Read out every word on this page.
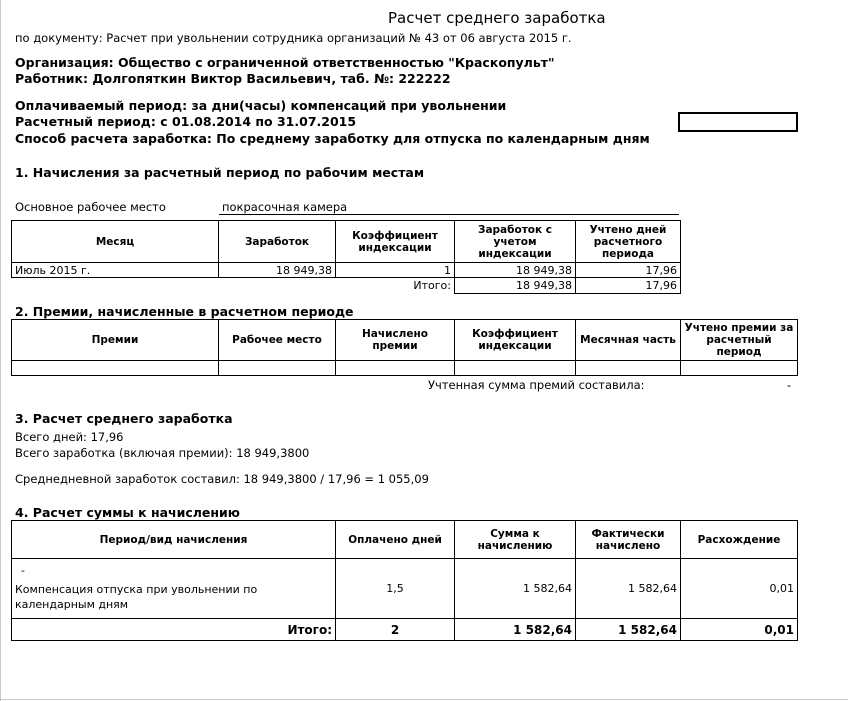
Расчет среднего заработка
по документу: Расчет при увольнении сотрудника организаций № 43 от 06 августа 2015 г.
Организация: Общество с ограниченной ответственностью "Краскопульт"
Работник: Долгопяткин Виктор Васильевич, таб. №: 222222
Оплачиваемый период: за дни(часы) компенсаций при увольнении
Расчетный период: с 01.08.2014 по 31.07.2015
Способ расчета заработка: По среднему заработку для отпуска по календарным дням
1. Начисления за расчетный период по рабочим местам
Основное рабочее место	покрасочная камера
Месяц	Заработок	Коэффициент индексации	Заработок с учетом индексации	Учтено дней расчетного периода
Июль 2015 г.	18 949,38	1	18 949,38	17,96
		Итого:	18 949,38	17,96
2. Премии, начисленные в расчетном периоде
Премии	Рабочее место	Начислено премии	Коэффициент индексации	Месячная часть	Учтено премии за расчетный период

Учтенная сумма премий составила:	-
3. Расчет среднего заработка
Всего дней: 17,96
Всего заработка (включая премии): 18 949,3800
Среднедневной заработок составил: 18 949,3800 / 17,96 = 1 055,09
4. Расчет суммы к начислению
Период/вид начисления	Оплачено дней	Сумма к начислению	Фактически начислено	Расхождение

-
Компенсация отпуска при увольнении по календарным дням	1,5	1 582,64	1 582,64	0,01
Итого:	2	1 582,64	1 582,64	0,01
